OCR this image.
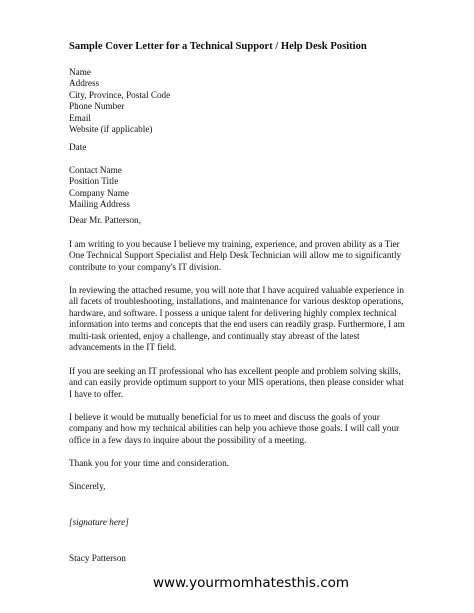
Sample Cover Letter for a Technical Support / Help Desk Position
Name
Address
City, Province, Postal Code
Phone Number
Email
Website (if applicable)
Date
Contact Name
Position Title
Company Name
Mailing Address
Dear Mr. Patterson,
I am writing to you because I believe my training, experience, and proven ability as a Tier
One Technical Support Specialist and Help Desk Technician will allow me to significantly
contribute to your company's IT division.
In reviewing the attached resume, you will note that I have acquired valuable experience in
all facets of troubleshooting, installations, and maintenance for various desktop operations,
hardware, and software. I possess a unique talent for delivering highly complex technical
information into terms and concepts that the end users can readily grasp. Furthermore, I am
multi-task oriented, enjoy a challenge, and continually stay abreast of the latest
advancements in the IT field.
If you are seeking an IT professional who has excellent people and problem solving skills,
and can easily provide optimum support to your MIS operations, then please consider what
I have to offer.
I believe it would be mutually beneficial for us to meet and discuss the goals of your
company and how my technical abilities can help you achieve those goals. I will call your
office in a few days to inquire about the possibility of a meeting.
Thank you for your time and consideration.
Sincerely,
[signature here]
Stacy Patterson
www.yourmomhatesthis.com
